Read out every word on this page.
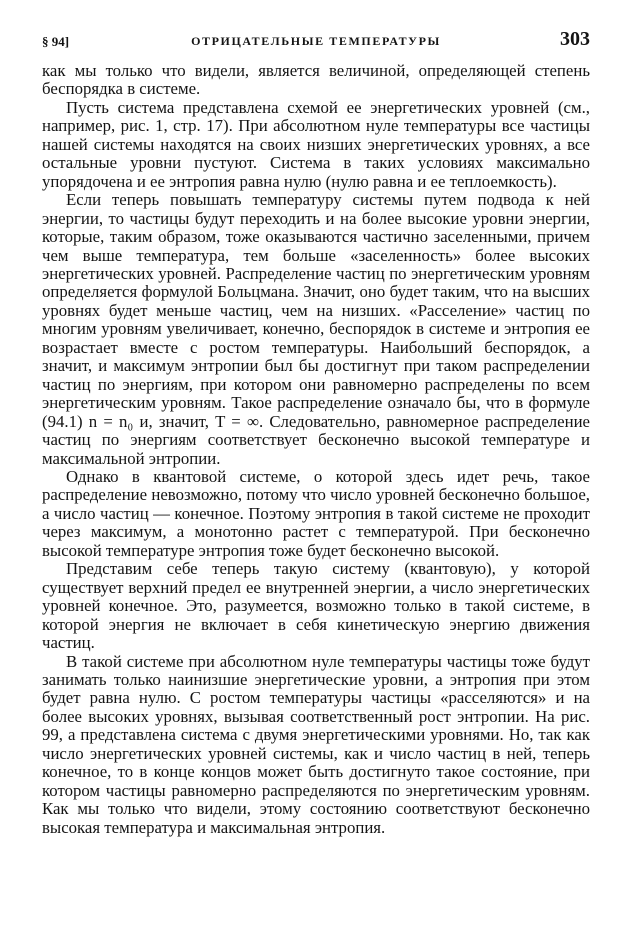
§ 94]	ОТРИЦАТЕЛЬНЫЕ ТЕМПЕРАТУРЫ	303

как мы только что видели, является величиной, определяющей степень беспорядка в системе.

Пусть система представлена схемой ее энергетических уровней (см., например, рис. 1, стр. 17). При абсолютном нуле температуры все частицы нашей системы находятся на своих низших энергетических уровнях, а все остальные уровни пустуют. Система в таких условиях максимально упорядочена и ее энтропия равна нулю (нулю равна и ее теплоемкость).

Если теперь повышать температуру системы путем подвода к ней энергии, то частицы будут переходить и на более высокие уровни энергии, которые, таким образом, тоже оказываются частично заселенными, причем чем выше температура, тем больше «заселенность» более высоких энергетических уровней. Распределение частиц по энергетическим уровням определяется формулой Больцмана. Значит, оно будет таким, что на высших уровнях будет меньше частиц, чем на низших. «Расселение» частиц по многим уровням увеличивает, конечно, беспорядок в системе и энтропия ее возрастает вместе с ростом температуры. Наибольший беспорядок, а значит, и максимум энтропии был бы достигнут при таком распределении частиц по энергиям, при котором они равномерно распределены по всем энергетическим уровням. Такое распределение означало бы, что в формуле (94.1) n = n₀ и, значит, T = ∞. Следовательно, равномерное распределение частиц по энергиям соответствует бесконечно высокой температуре и максимальной энтропии.

Однако в квантовой системе, о которой здесь идет речь, такое распределение невозможно, потому что число уровней бесконечно большое, а число частиц — конечное. Поэтому энтропия в такой системе не проходит через максимум, а монотонно растет с температурой. При бесконечно высокой температуре энтропия тоже будет бесконечно высокой.

Представим себе теперь такую систему (квантовую), у которой существует верхний предел ее внутренней энергии, а число энергетических уровней конечное. Это, разумеется, возможно только в такой системе, в которой энергия не включает в себя кинетическую энергию движения частиц.

В такой системе при абсолютном нуле температуры частицы тоже будут занимать только наинизшие энергетические уровни, а энтропия при этом будет равна нулю. С ростом температуры частицы «расселяются» и на более высоких уровнях, вызывая соответственный рост энтропии. На рис. 99, а представлена система с двумя энергетическими уровнями. Но, так как число энергетических уровней системы, как и число частиц в ней, теперь конечное, то в конце концов может быть достигнуто такое состояние, при котором частицы равномерно распределяются по энергетическим уровням. Как мы только что видели, этому состоянию соответствуют бесконечно высокая температура и максимальная энтропия.
